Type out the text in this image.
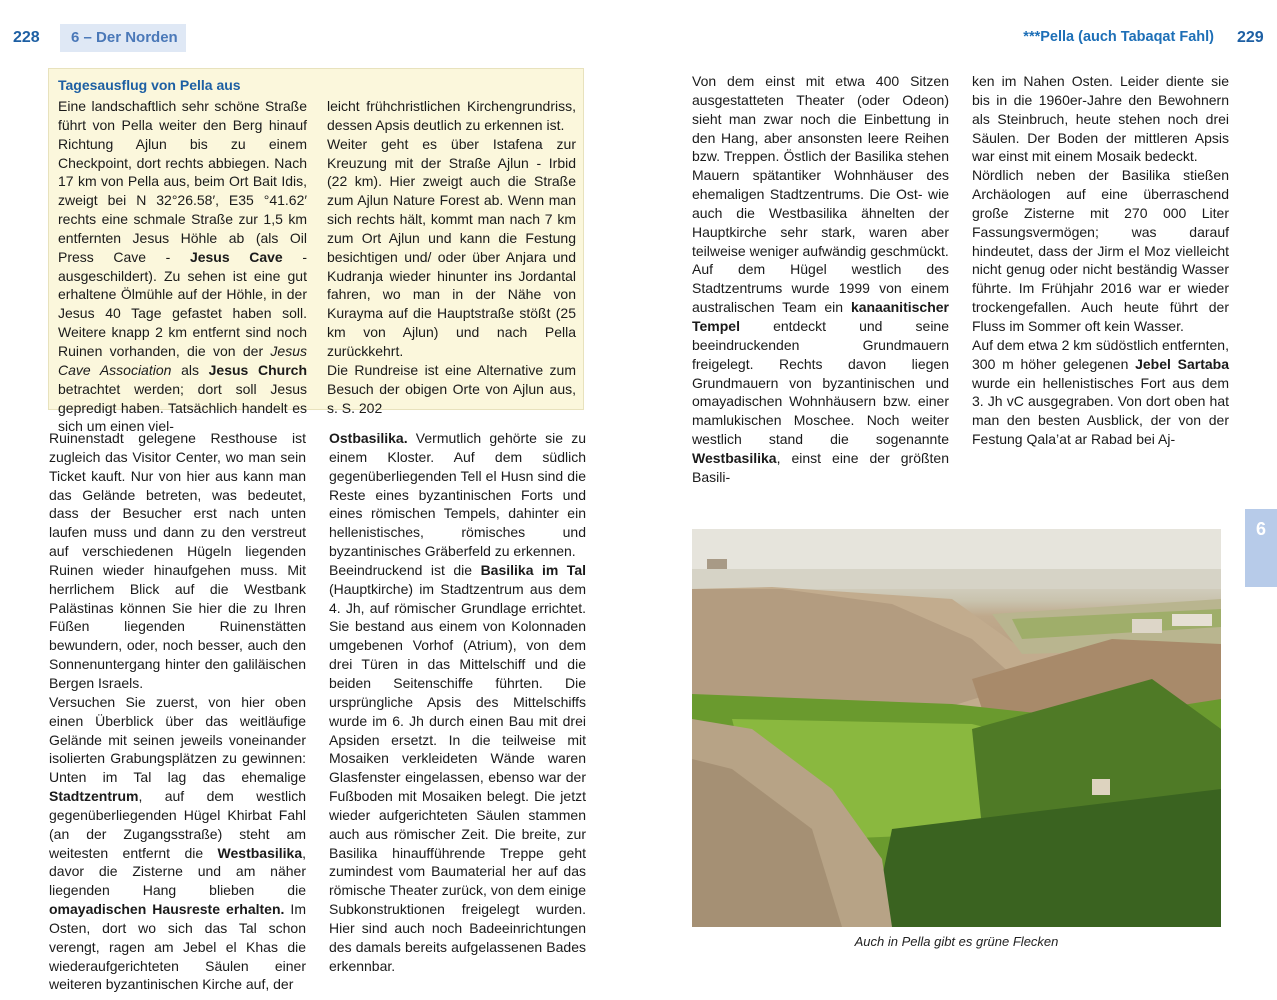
228	6 – Der Norden
Tagesausflug von Pella aus
Eine landschaftlich sehr schöne Straße führt von Pella weiter den Berg hinauf Richtung Ajlun bis zu einem Checkpoint, dort rechts abbiegen. Nach 17 km von Pella aus, beim Ort Bait Idis, zweigt bei N 32°26.58′, E35 °41.62′ rechts eine schmale Straße zur 1,5 km entfernten Jesus Höhle ab (als Oil Press Cave - Jesus Cave - ausgeschildert). Zu sehen ist eine gut erhaltene Ölmühle auf der Höhle, in der Jesus 40 Tage gefastet haben soll. Weitere knapp 2 km entfernt sind noch Ruinen vorhanden, die von der Jesus Cave Association als Jesus Church betrachtet werden; dort soll Jesus gepredigt haben. Tatsächlich handelt es sich um einen viel-

leicht frühchristlichen Kirchengrundriss, dessen Apsis deutlich zu erkennen ist.

Weiter geht es über Istafena zur Kreuzung mit der Straße Ajlun - Irbid (22 km). Hier zweigt auch die Straße zum Ajlun Nature Forest ab. Wenn man sich rechts hält, kommt man nach 7 km zum Ort Ajlun und kann die Festung besichtigen und/ oder über Anjara und Kudranja wieder hinunter ins Jordantal fahren, wo man in der Nähe von Kurayma auf die Hauptstraße stößt (25 km von Ajlun) und nach Pella zurückkehrt.

Die Rundreise ist eine Alternative zum Besuch der obigen Orte von Ajlun aus, s. S. 202

Ruinenstadt gelegene Resthouse ist zugleich das Visitor Center, wo man sein Ticket kauft. Nur von hier aus kann man das Gelände betreten, was bedeutet, dass der Besucher erst nach unten laufen muss und dann zu den verstreut auf verschiedenen Hügeln liegenden Ruinen wieder hinaufgehen muss. Mit herrlichem Blick auf die Westbank Palästinas können Sie hier die zu Ihren Füßen liegenden Ruinenstätten bewundern, oder, noch besser, auch den Sonnenuntergang hinter den galiläischen Bergen Israels.

Versuchen Sie zuerst, von hier oben einen Überblick über das weitläufige Gelände mit seinen jeweils voneinander isolierten Grabungsplätzen zu gewinnen: Unten im Tal lag das ehemalige Stadtzentrum, auf dem westlich gegenüberliegenden Hügel Khirbat Fahl (an der Zugangsstraße) steht am weitesten entfernt die Westbasilika, davor die Zisterne und am näher liegenden Hang blieben die omayadischen Hausreste erhalten. Im Osten, dort wo sich das Tal schon verengt, ragen am Jebel el Khas die wiederaufgerichteten Säulen einer weiteren byzantinischen Kirche auf, der

Ostbasilika. Vermutlich gehörte sie zu einem Kloster. Auf dem südlich gegenüberliegenden Tell el Husn sind die Reste eines byzantinischen Forts und eines römischen Tempels, dahinter ein hellenistisches, römisches und byzantinisches Gräberfeld zu erkennen.

Beeindruckend ist die Basilika im Tal (Hauptkirche) im Stadtzentrum aus dem 4. Jh, auf römischer Grundlage errichtet. Sie bestand aus einem von Kolonnaden umgebenen Vorhof (Atrium), von dem drei Türen in das Mittelschiff und die beiden Seitenschiffe führten. Die ursprüngliche Apsis des Mittelschiffs wurde im 6. Jh durch einen Bau mit drei Apsiden ersetzt. In die teilweise mit Mosaiken verkleideten Wände waren Glasfenster eingelassen, ebenso war der Fußboden mit Mosaiken belegt. Die jetzt wieder aufgerichteten Säulen stammen auch aus römischer Zeit. Die breite, zur Basilika hinaufführende Treppe geht zumindest vom Baumaterial her auf das römische Theater zurück, von dem einige Subkonstruktionen freigelegt wurden. Hier sind auch noch Badeeinrichtungen des damals bereits aufgelassenen Bades erkennbar.

***Pella (auch Tabaqat Fahl) 229

Von dem einst mit etwa 400 Sitzen ausgestatteten Theater (oder Odeon) sieht man zwar noch die Einbettung in den Hang, aber ansonsten leere Reihen bzw. Treppen. Östlich der Basilika stehen Mauern spätantiker Wohnhäuser des ehemaligen Stadtzentrums. Die Ost- wie auch die Westbasilika ähnelten der Hauptkirche sehr stark, waren aber teilweise weniger aufwändig geschmückt.

Auf dem Hügel westlich des Stadtzentrums wurde 1999 von einem australischen Team ein kanaanitischer Tempel entdeckt und seine beeindruckenden Grundmauern freigelegt. Rechts davon liegen Grundmauern von byzantinischen und omayadischen Wohnhäusern bzw. einer mamlukischen Moschee. Noch weiter westlich stand die sogenannte Westbasilika, einst eine der größten Basili-

ken im Nahen Osten. Leider diente sie bis in die 1960er-Jahre den Bewohnern als Steinbruch, heute stehen noch drei Säulen. Der Boden der mittleren Apsis war einst mit einem Mosaik bedeckt.

Nördlich neben der Basilika stießen Archäologen auf eine überraschend große Zisterne mit 270 000 Liter Fassungsvermögen; was darauf hindeutet, dass der Jirm el Moz vielleicht nicht genug oder nicht beständig Wasser führte. Im Frühjahr 2016 war er wieder trockengefallen. Auch heute führt der Fluss im Sommer oft kein Wasser.

Auf dem etwa 2 km südöstlich entfernten, 300 m höher gelegenen Jebel Sartaba wurde ein hellenistisches Fort aus dem 3. Jh vC ausgegraben. Von dort oben hat man den besten Ausblick, der von der Festung Qala’at ar Rabad bei Aj-

Auch in Pella gibt es grüne Flecken
6
